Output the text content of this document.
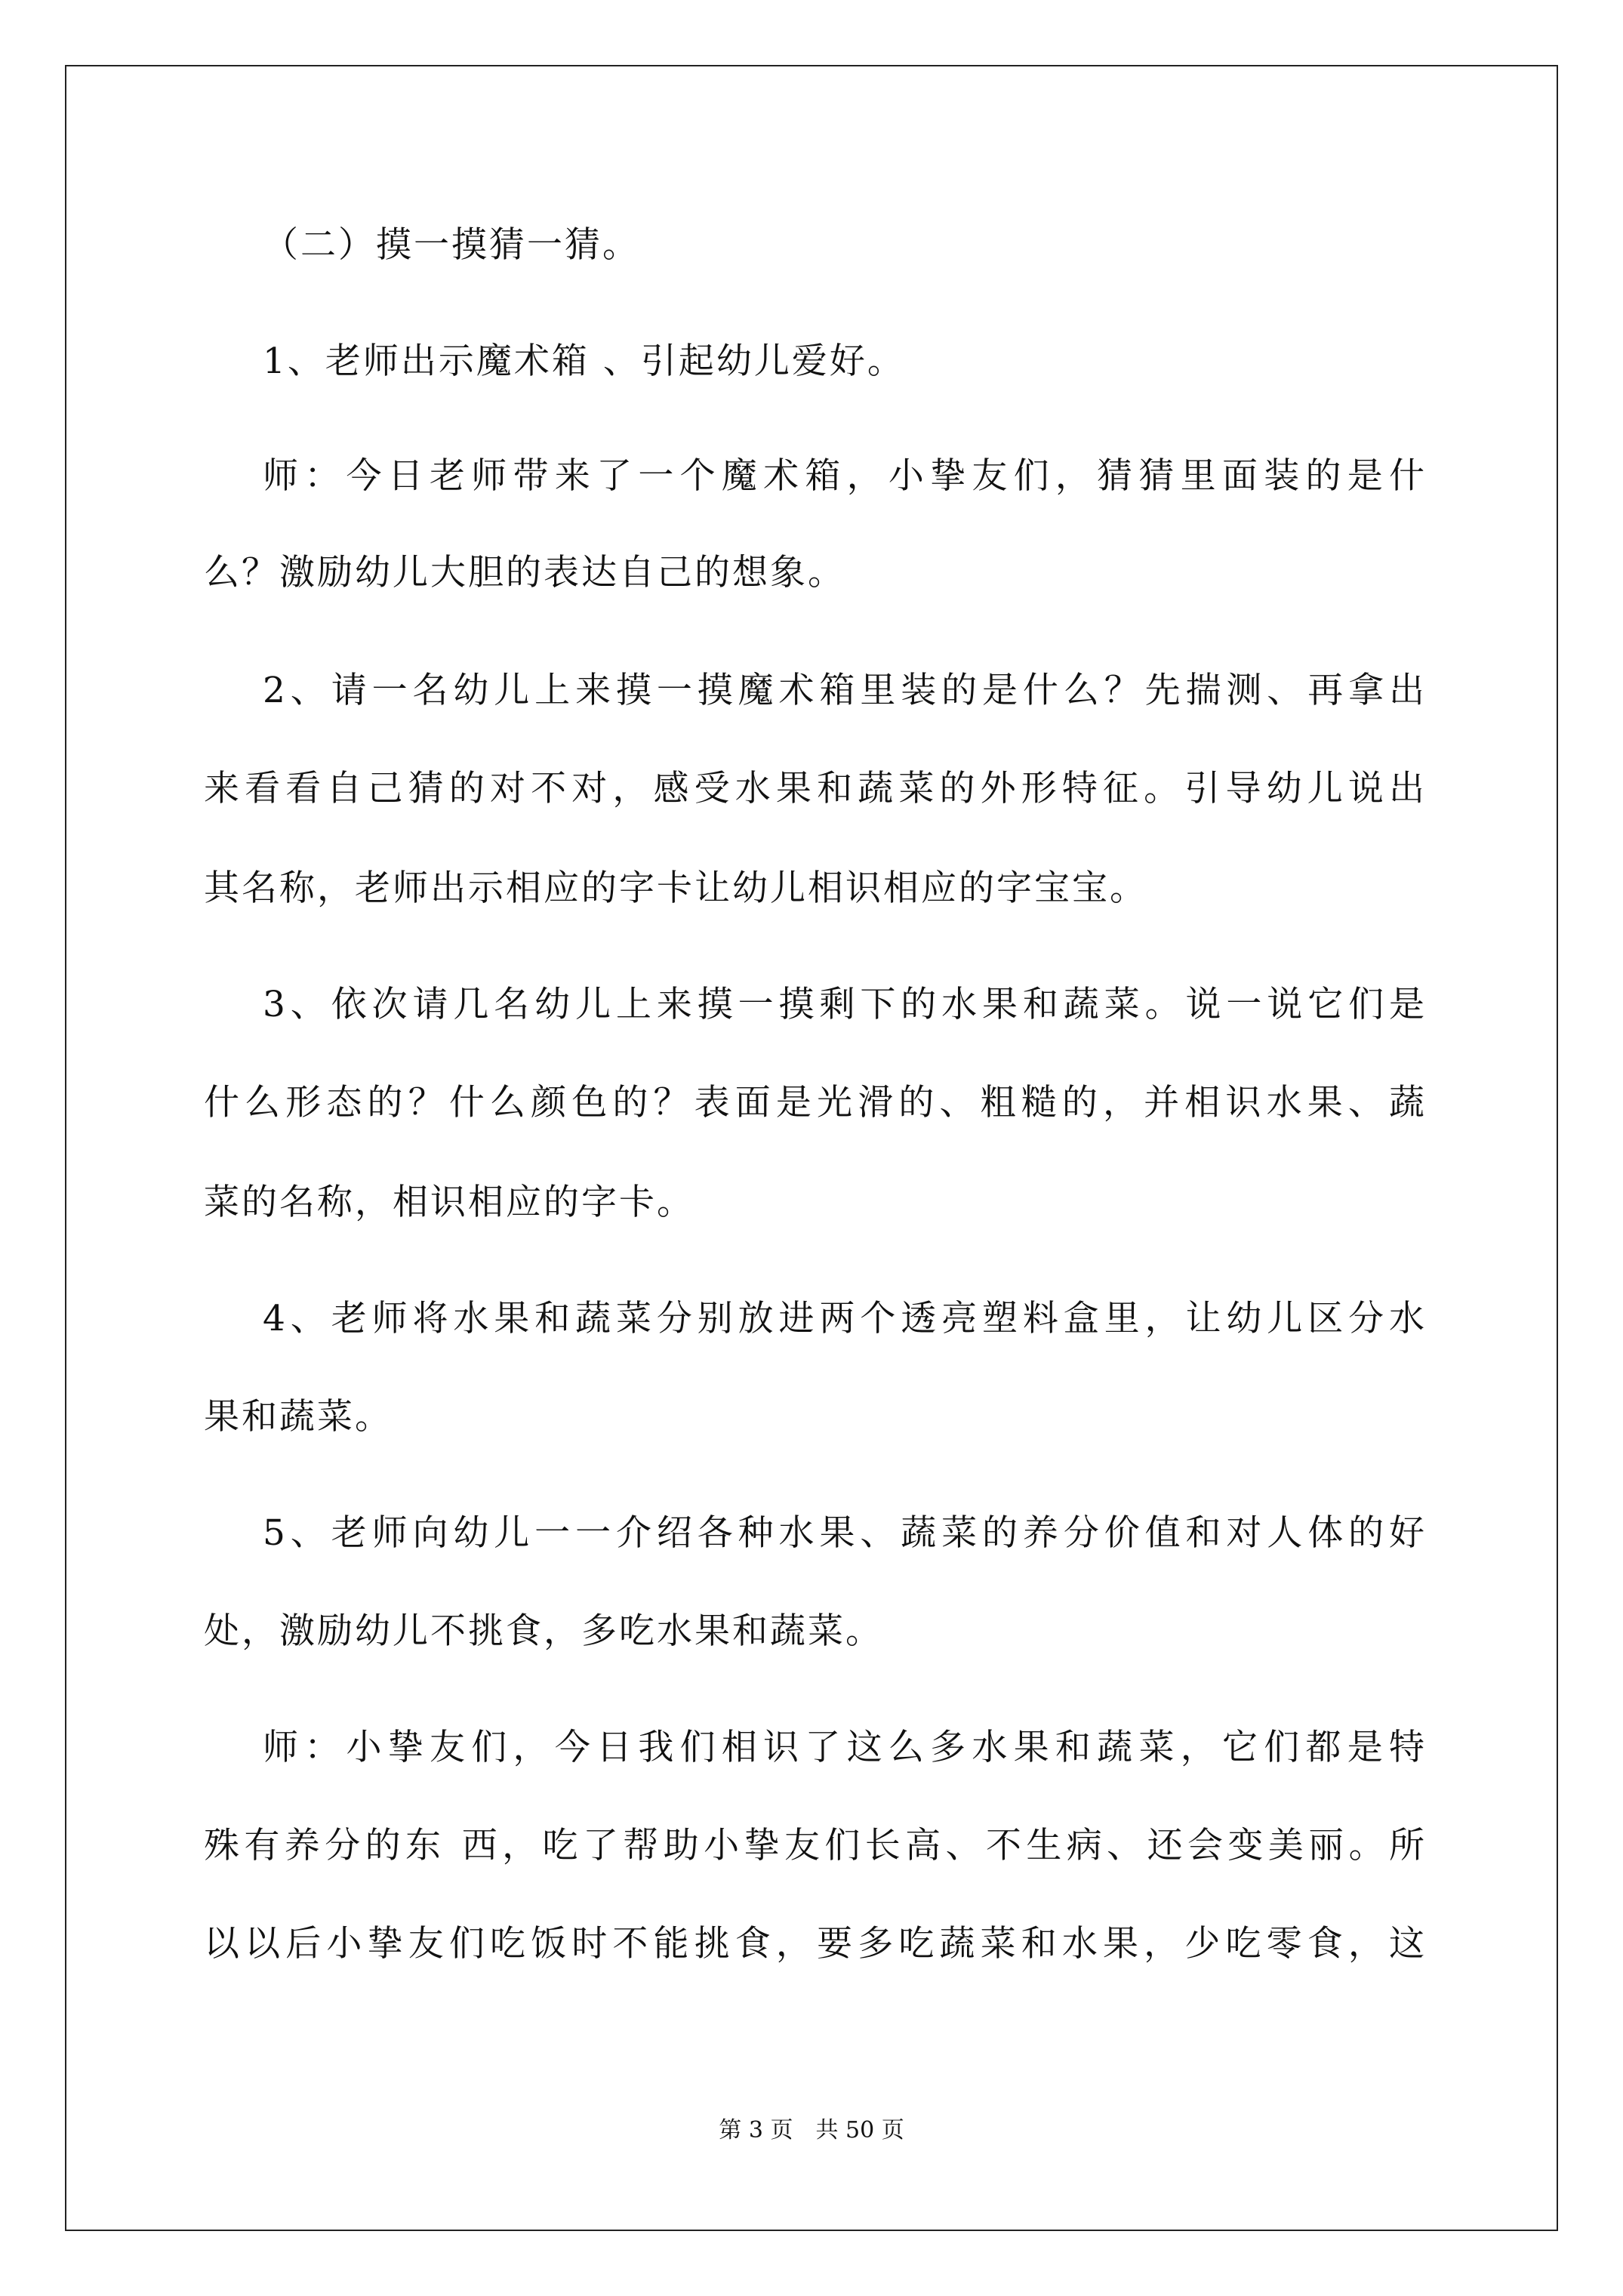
（二）摸一摸猜一猜。
1、老师出示魔术箱 、引起幼儿爱好。
师：今日老师带来了一个魔术箱，小挚友们，猜猜里面装的是什
么？激励幼儿大胆的表达自己的想象。
2、请一名幼儿上来摸一摸魔术箱里装的是什么？先揣测、再拿出
来看看自己猜的对不对，感受水果和蔬菜的外形特征。引导幼儿说出
其名称，老师出示相应的字卡让幼儿相识相应的字宝宝。
3、依次请几名幼儿上来摸一摸剩下的水果和蔬菜。说一说它们是
什么形态的？什么颜色的？表面是光滑的、粗糙的，并相识水果、蔬
菜的名称，相识相应的字卡。
4、老师将水果和蔬菜分别放进两个透亮塑料盒里，让幼儿区分水
果和蔬菜。
5、老师向幼儿一一介绍各种水果、蔬菜的养分价值和对人体的好
处，激励幼儿不挑食，多吃水果和蔬菜。
师：小挚友们，今日我们相识了这么多水果和蔬菜，它们都是特
殊有养分的东 西，吃了帮助小挚友们长高、不生病、还会变美丽。所
以以后小挚友们吃饭时不能挑食，要多吃蔬菜和水果，少吃零食，这
第 3 页　共 50 页
